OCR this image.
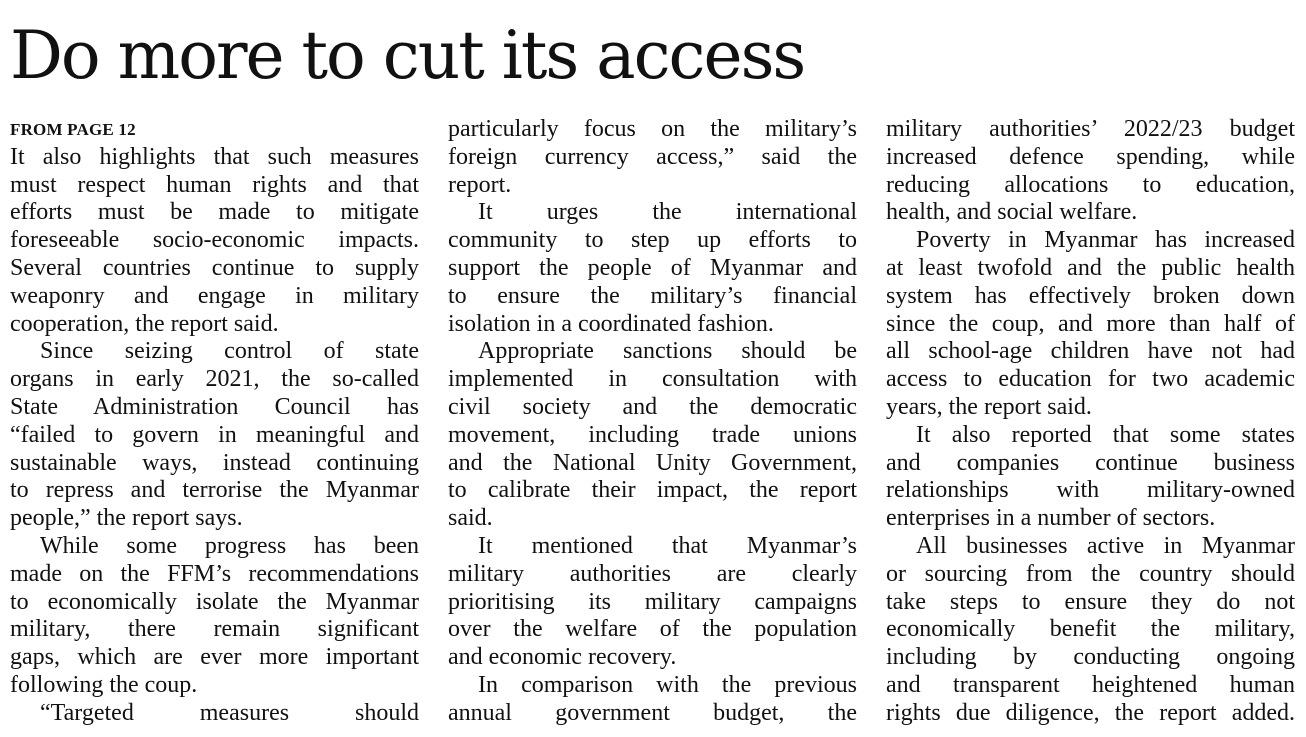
Do more to cut its access
FROM PAGE 12
It also highlights that such measures
must respect human rights and that
efforts must be made to mitigate
foreseeable socio-economic impacts.
Several countries continue to supply
weaponry and engage in military
cooperation, the report said.
Since seizing control of state
organs in early 2021, the so-called
State Administration Council has
“failed to govern in meaningful and
sustainable ways, instead continuing
to repress and terrorise the Myanmar
people,” the report says.
While some progress has been
made on the FFM’s recommendations
to economically isolate the Myanmar
military, there remain significant
gaps, which are ever more important
following the coup.
“Targeted measures should
particularly focus on the military’s
foreign currency access,” said the
report.
It urges the international
community to step up efforts to
support the people of Myanmar and
to ensure the military’s financial
isolation in a coordinated fashion.
Appropriate sanctions should be
implemented in consultation with
civil society and the democratic
movement, including trade unions
and the National Unity Government,
to calibrate their impact, the report
said.
It mentioned that Myanmar’s
military authorities are clearly
prioritising its military campaigns
over the welfare of the population
and economic recovery.
In comparison with the previous
annual government budget, the
military authorities’ 2022/23 budget
increased defence spending, while
reducing allocations to education,
health, and social welfare.
Poverty in Myanmar has increased
at least twofold and the public health
system has effectively broken down
since the coup, and more than half of
all school-age children have not had
access to education for two academic
years, the report said.
It also reported that some states
and companies continue business
relationships with military-owned
enterprises in a number of sectors.
All businesses active in Myanmar
or sourcing from the country should
take steps to ensure they do not
economically benefit the military,
including by conducting ongoing
and transparent heightened human
rights due diligence, the report added.
